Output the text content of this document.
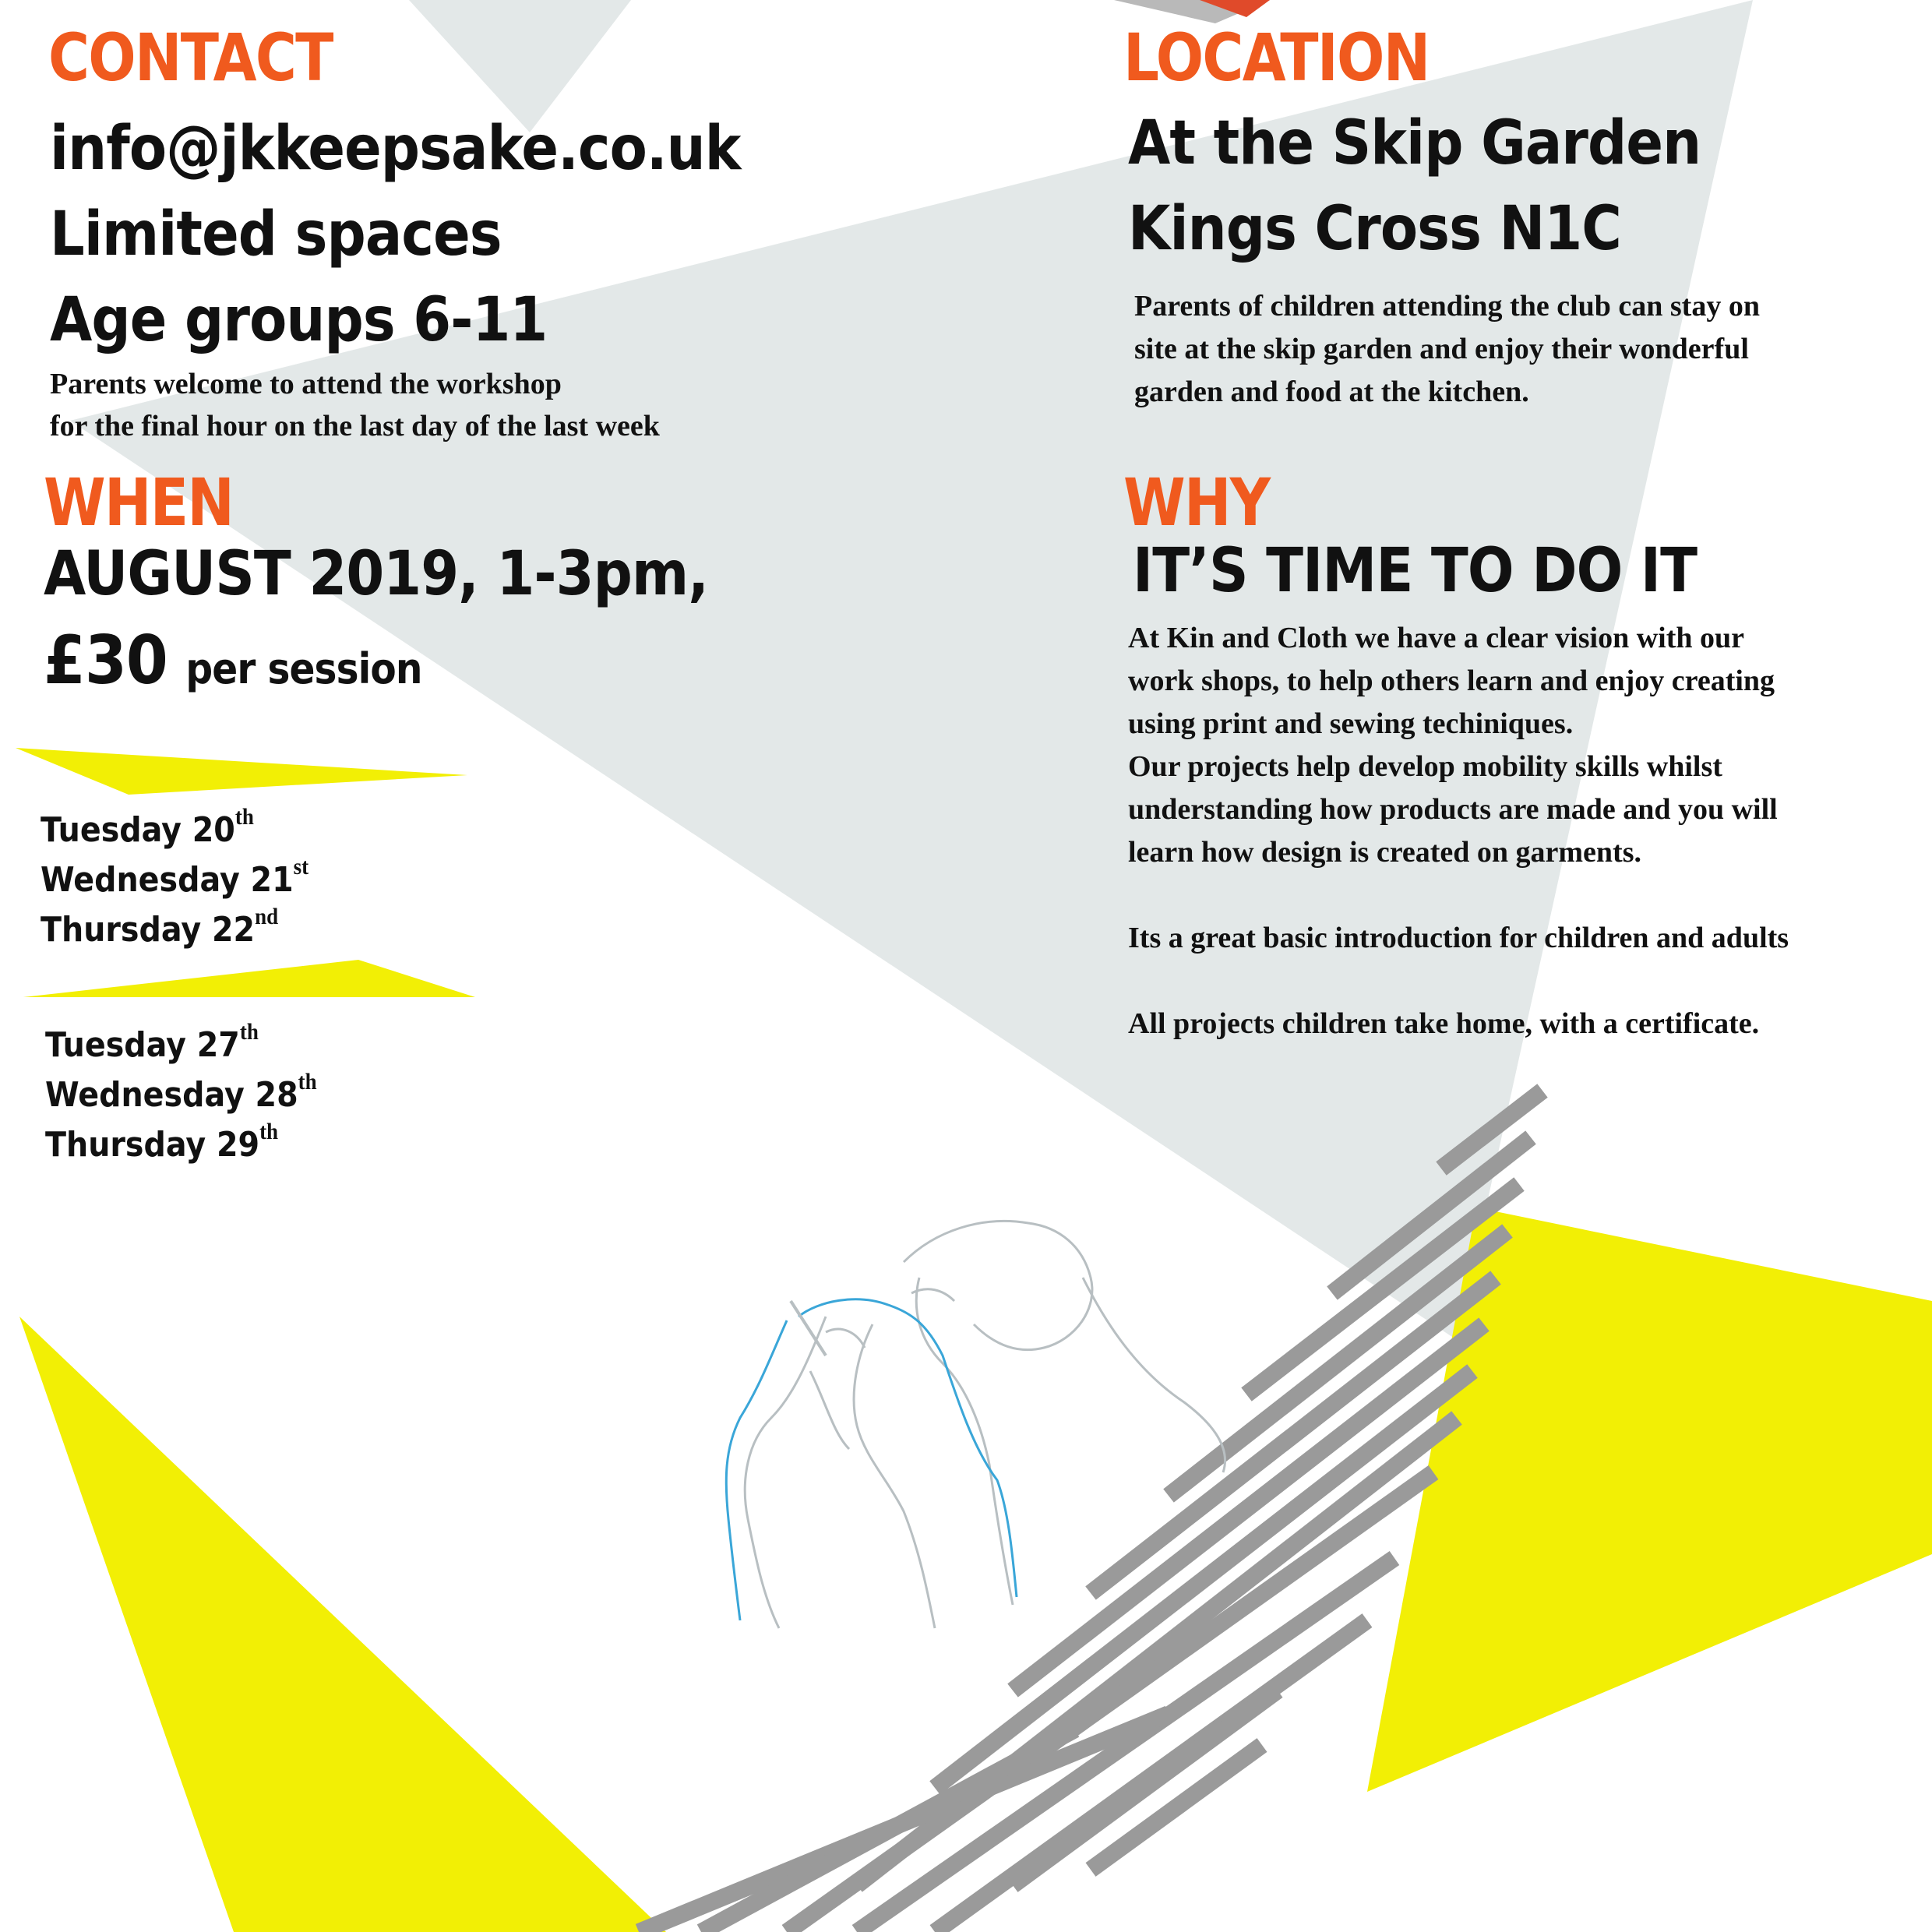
CONTACT
info@jkkeepsake.co.uk
Limited spaces
Age groups 6-11
Parents welcome to attend the workshop
for the final hour on the last day of the last week
WHEN
AUGUST 2019, 1-3pm,
£30 per session
Tuesday 20th
Wednesday 21st
Thursday 22nd
Tuesday 27th
Wednesday 28th
Thursday 29th
LOCATION
At the Skip Garden
Kings Cross N1C
Parents of children attending the club can stay on
site at the skip garden and enjoy their wonderful
garden and food at the kitchen.
WHY
IT’S TIME TO DO IT
At Kin and Cloth we have a clear vision with our
work shops, to help others learn and enjoy creating
using print and sewing techiniques.
Our projects help develop mobility skills whilst
understanding how products are made and you will
learn how design is created on garments.

Its a great basic introduction for children and adults

All projects children take home, with a certificate.
